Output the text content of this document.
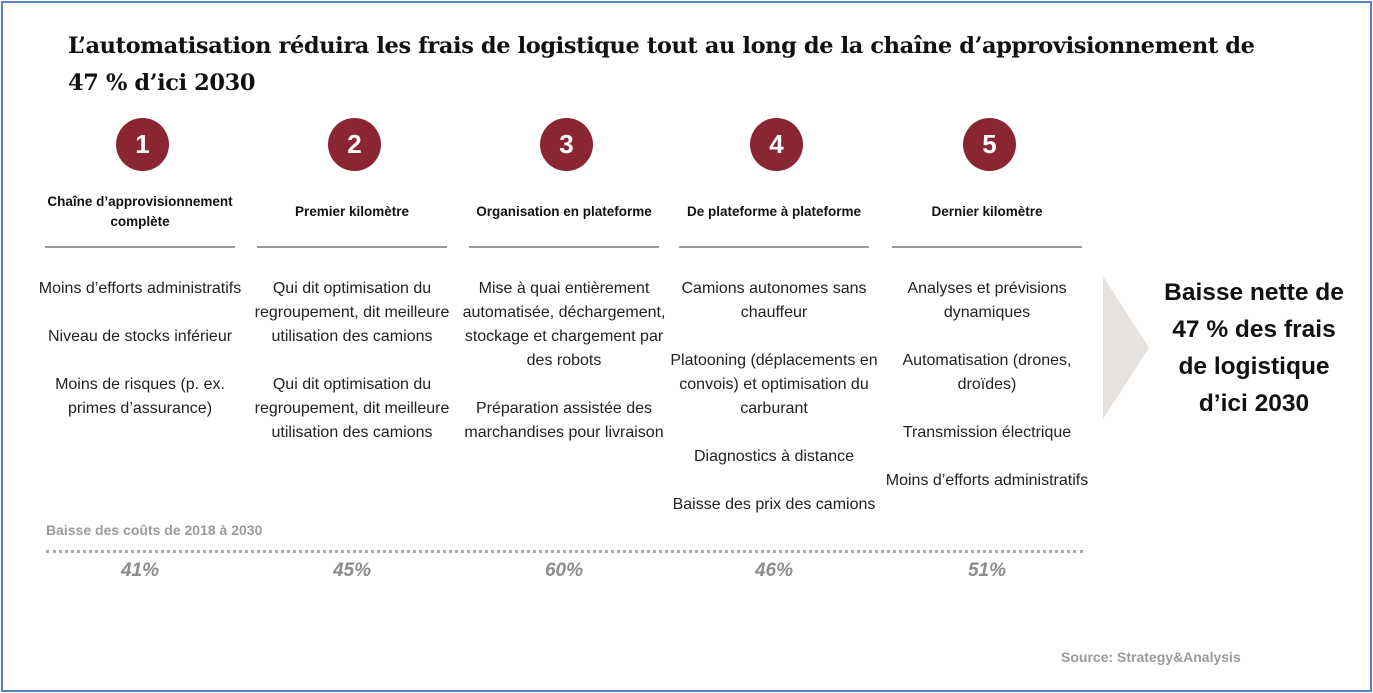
L’automatisation réduira les frais de logistique tout au long de la chaîne d’approvisionnement de 47 % d’ici 2030
1
Chaîne d’approvisionnement complète
Moins d’efforts administratifs
Niveau de stocks inférieur
Moins de risques (p. ex. primes d’assurance)
41%
2
Premier kilomètre
Qui dit optimisation du regroupement, dit meilleure utilisation des camions
Qui dit optimisation du regroupement, dit meilleure utilisation des camions
45%
3
Organisation en plateforme
Mise à quai entièrement automatisée, déchargement, stockage et chargement par des robots
Préparation assistée des marchandises pour livraison
60%
4
De plateforme à plateforme
Camions autonomes sans chauffeur
Platooning (déplacements en convois) et optimisation du carburant
Diagnostics à distance
Baisse des prix des camions
46%
5
Dernier kilomètre
Analyses et prévisions dynamiques
Automatisation (drones, droïdes)
Transmission électrique
Moins d’efforts administratifs
51%
Baisse des coûts de 2018 à 2030
Baisse nette de 47 % des frais de logistique d’ici 2030
Source: Strategy&Analysis
